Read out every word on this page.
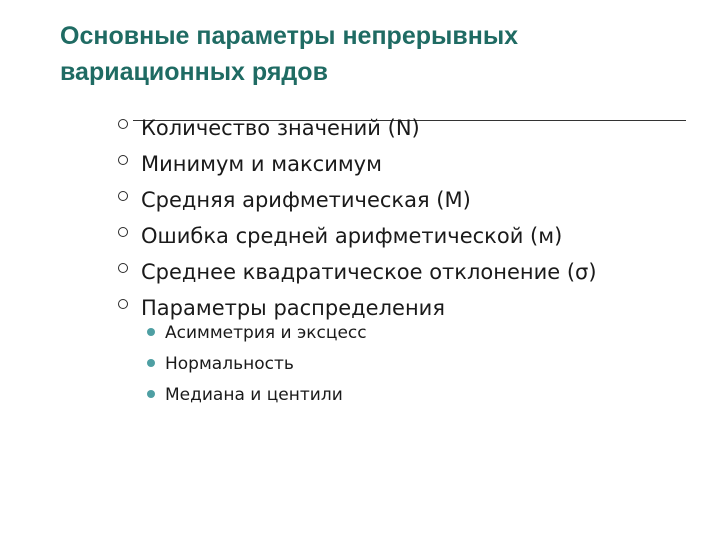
Основные параметры непрерывных вариационных рядов
Количество значений (N)
Минимум и максимум
Средняя арифметическая (М)
Ошибка средней арифметической (м)
Среднее квадратическое отклонение (σ)
Параметры распределения
Асимметрия и эксцесс
Нормальность
Медиана и центили
